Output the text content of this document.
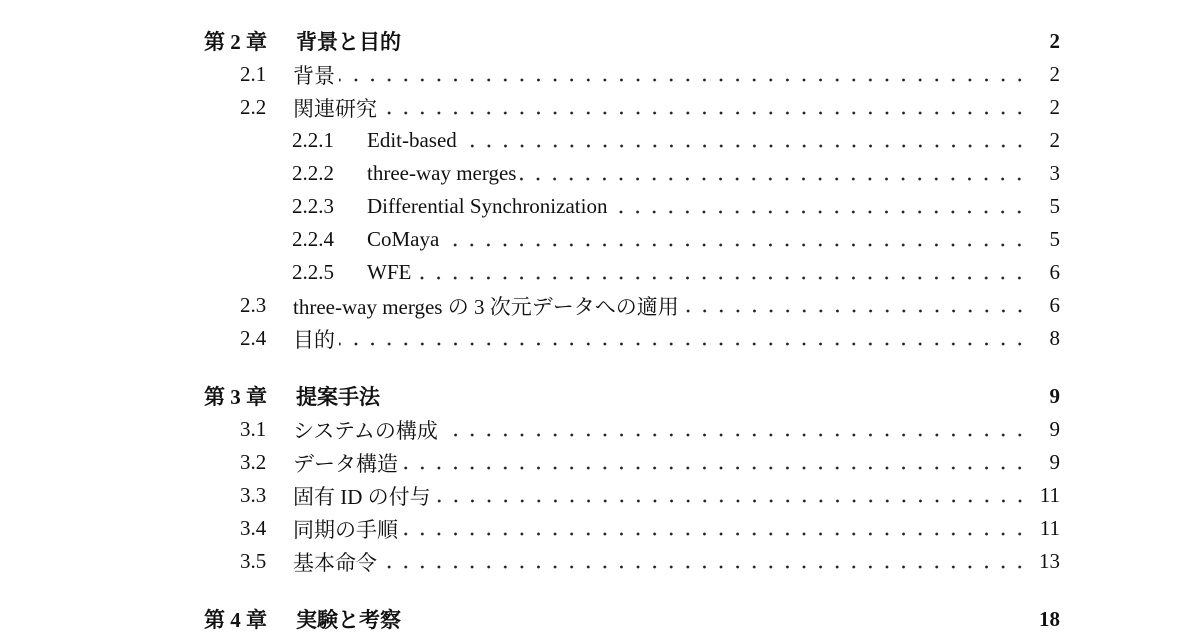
第 2 章	背景と目的	2
2.1	背景	2
2.2	関連研究	2
2.2.1	Edit-based	2
2.2.2	three-way merges	3
2.2.3	Differential Synchronization	5
2.2.4	CoMaya	5
2.2.5	WFE	6
2.3	three-way merges の 3 次元データへの適用	6
2.4	目的	8
第 3 章	提案手法	9
3.1	システムの構成	9
3.2	データ構造	9
3.3	固有 ID の付与	11
3.4	同期の手順	11
3.5	基本命令	13
第 4 章	実験と考察	18
